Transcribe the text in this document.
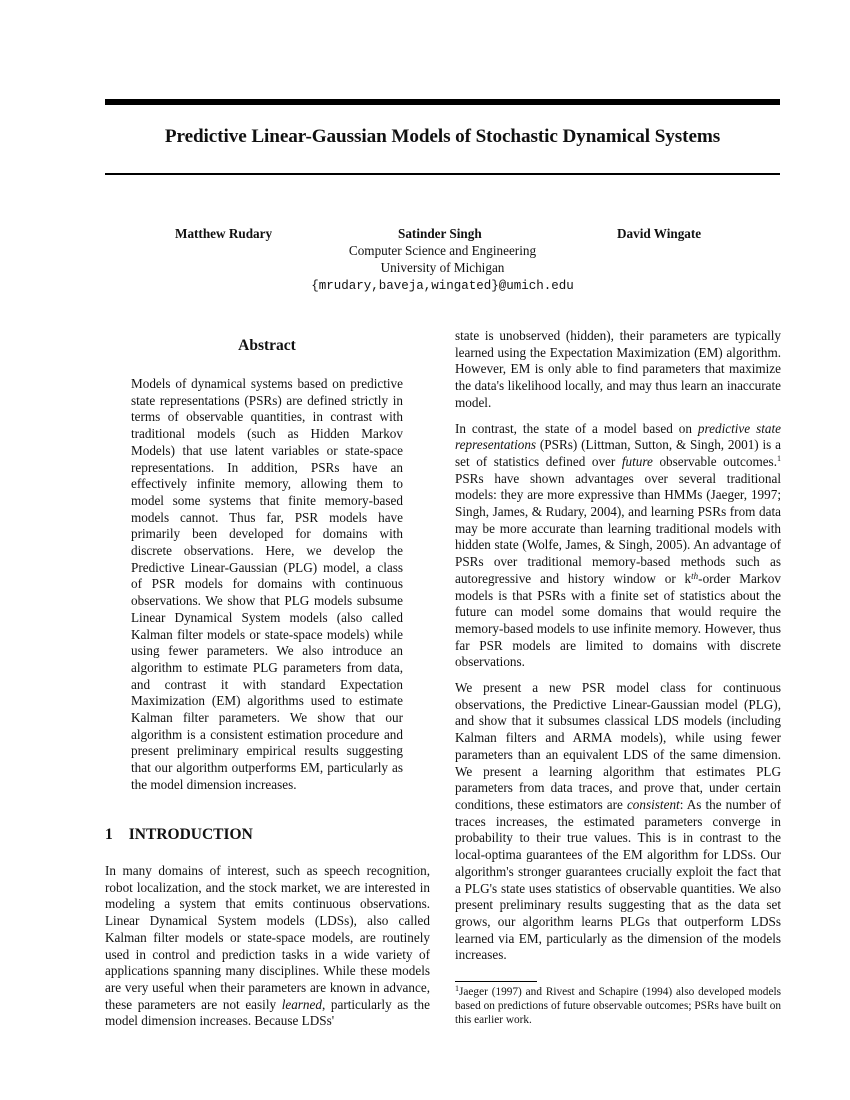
Predictive Linear-Gaussian Models of Stochastic Dynamical Systems
Matthew Rudary	Satinder Singh	David Wingate
Computer Science and Engineering
University of Michigan
{mrudary,baveja,wingated}@umich.edu
Abstract

Models of dynamical systems based on predictive state representations (PSRs) are defined strictly in terms of observable quantities, in contrast with traditional models (such as Hidden Markov Models) that use latent variables or state-space representations. In addition, PSRs have an effectively infinite memory, allowing them to model some systems that finite memory-based models cannot. Thus far, PSR models have primarily been developed for domains with discrete observations. Here, we develop the Predictive Linear-Gaussian (PLG) model, a class of PSR models for domains with continuous observations. We show that PLG models subsume Linear Dynamical System models (also called Kalman filter models or state-space models) while using fewer parameters. We also introduce an algorithm to estimate PLG parameters from data, and contrast it with standard Expectation Maximization (EM) algorithms used to estimate Kalman filter parameters. We show that our algorithm is a consistent estimation procedure and present preliminary empirical results suggesting that our algorithm outperforms EM, particularly as the model dimension increases.

1 INTRODUCTION

In many domains of interest, such as speech recognition, robot localization, and the stock market, we are interested in modeling a system that emits continuous observations. Linear Dynamical System models (LDSs), also called Kalman filter models or state-space models, are routinely used in control and prediction tasks in a wide variety of applications spanning many disciplines. While these models are very useful when their parameters are known in advance, these parameters are not easily learned, particularly as the model dimension increases. Because LDSs'

state is unobserved (hidden), their parameters are typically learned using the Expectation Maximization (EM) algorithm. However, EM is only able to find parameters that maximize the data's likelihood locally, and may thus learn an inaccurate model.

In contrast, the state of a model based on predictive state representations (PSRs) (Littman, Sutton, & Singh, 2001) is a set of statistics defined over future observable outcomes.$^1$ PSRs have shown advantages over several traditional models: they are more expressive than HMMs (Jaeger, 1997; Singh, James, & Rudary, 2004), and learning PSRs from data may be more accurate than learning traditional models with hidden state (Wolfe, James, & Singh, 2005). An advantage of PSRs over traditional memory-based methods such as autoregressive and history window or $k^{th}$-order Markov models is that PSRs with a finite set of statistics about the future can model some domains that would require the memory-based models to use infinite memory. However, thus far PSR models are limited to domains with discrete observations.

We present a new PSR model class for continuous observations, the Predictive Linear-Gaussian model (PLG), and show that it subsumes classical LDS models (including Kalman filters and ARMA models), while using fewer parameters than an equivalent LDS of the same dimension. We present a learning algorithm that estimates PLG parameters from data traces, and prove that, under certain conditions, these estimators are consistent: As the number of traces increases, the estimated parameters converge in probability to their true values. This is in contrast to the local-optima guarantees of the EM algorithm for LDSs. Our algorithm's stronger guarantees crucially exploit the fact that a PLG's state uses statistics of observable quantities. We also present preliminary results suggesting that as the data set grows, our algorithm learns PLGs that outperform LDSs learned via EM, particularly as the dimension of the models increases.

$^1$Jaeger (1997) and Rivest and Schapire (1994) also developed models based on predictions of future observable outcomes; PSRs have built on this earlier work.
